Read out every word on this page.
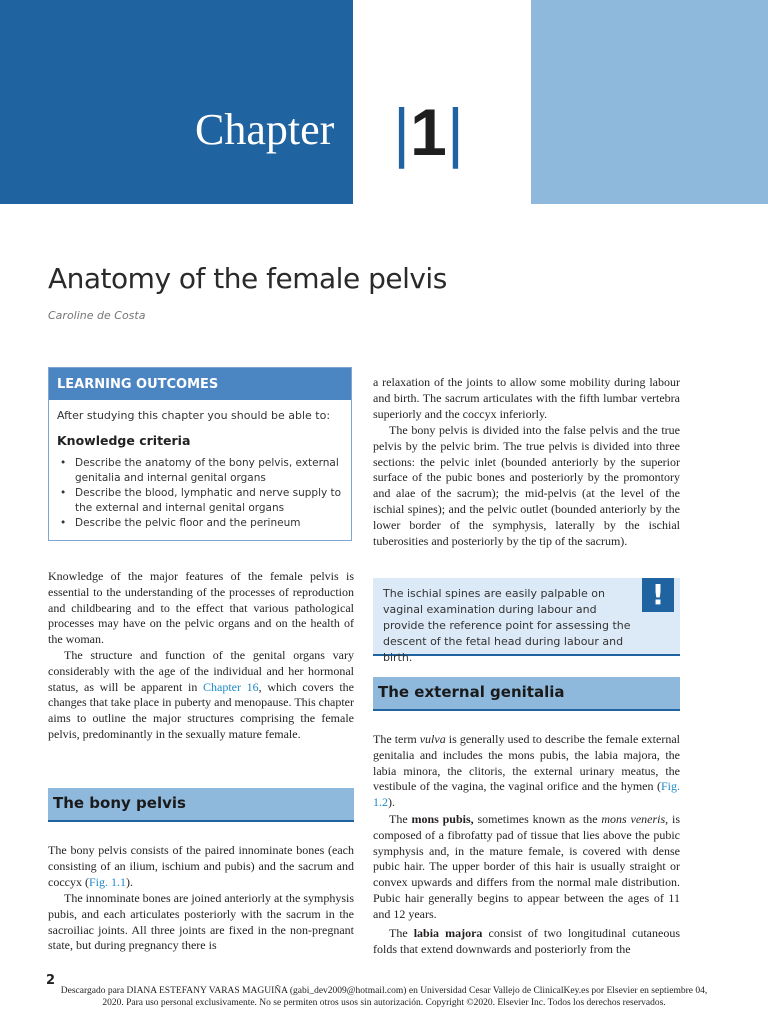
Chapter |1|
Anatomy of the female pelvis
Caroline de Costa
LEARNING OUTCOMES
After studying this chapter you should be able to:
Knowledge criteria
• Describe the anatomy of the bony pelvis, external genitalia and internal genital organs
• Describe the blood, lymphatic and nerve supply to the external and internal genital organs
• Describe the pelvic floor and the perineum

Knowledge of the major features of the female pelvis is essential to the understanding of the processes of reproduction and childbearing and to the effect that various pathological processes may have on the pelvic organs and on the health of the woman.

The structure and function of the genital organs vary considerably with the age of the individual and her hormonal status, as will be apparent in Chapter 16, which covers the changes that take place in puberty and menopause. This chapter aims to outline the major structures comprising the female pelvis, predominantly in the sexually mature female.

The bony pelvis

The bony pelvis consists of the paired innominate bones (each consisting of an ilium, ischium and pubis) and the sacrum and coccyx (Fig. 1.1).

The innominate bones are joined anteriorly at the symphysis pubis, and each articulates posteriorly with the sacrum in the sacroiliac joints. All three joints are fixed in the non-pregnant state, but during pregnancy there is

a relaxation of the joints to allow some mobility during labour and birth. The sacrum articulates with the fifth lumbar vertebra superiorly and the coccyx inferiorly.

The bony pelvis is divided into the false pelvis and the true pelvis by the pelvic brim. The true pelvis is divided into three sections: the pelvic inlet (bounded anteriorly by the superior surface of the pubic bones and posteriorly by the promontory and alae of the sacrum); the mid-pelvis (at the level of the ischial spines); and the pelvic outlet (bounded anteriorly by the lower border of the symphysis, laterally by the ischial tuberosities and posteriorly by the tip of the sacrum).

The ischial spines are easily palpable on vaginal examination during labour and provide the reference point for assessing the descent of the fetal head during labour and birth.
!
The external genitalia

The term vulva is generally used to describe the female external genitalia and includes the mons pubis, the labia majora, the labia minora, the clitoris, the external urinary meatus, the vestibule of the vagina, the vaginal orifice and the hymen (Fig. 1.2).

The mons pubis, sometimes known as the mons veneris, is composed of a fibrofatty pad of tissue that lies above the pubic symphysis and, in the mature female, is covered with dense pubic hair. The upper border of this hair is usually straight or convex upwards and differs from the normal male distribution. Pubic hair generally begins to appear between the ages of 11 and 12 years.

The labia majora consist of two longitudinal cutaneous folds that extend downwards and posteriorly from the

2
Descargado para DIANA ESTEFANY VARAS MAGUIÑA (gabi_dev2009@hotmail.com) en Universidad Cesar Vallejo de ClinicalKey.es por Elsevier en septiembre 04,
2020. Para uso personal exclusivamente. No se permiten otros usos sin autorización. Copyright ©2020. Elsevier Inc. Todos los derechos reservados.
